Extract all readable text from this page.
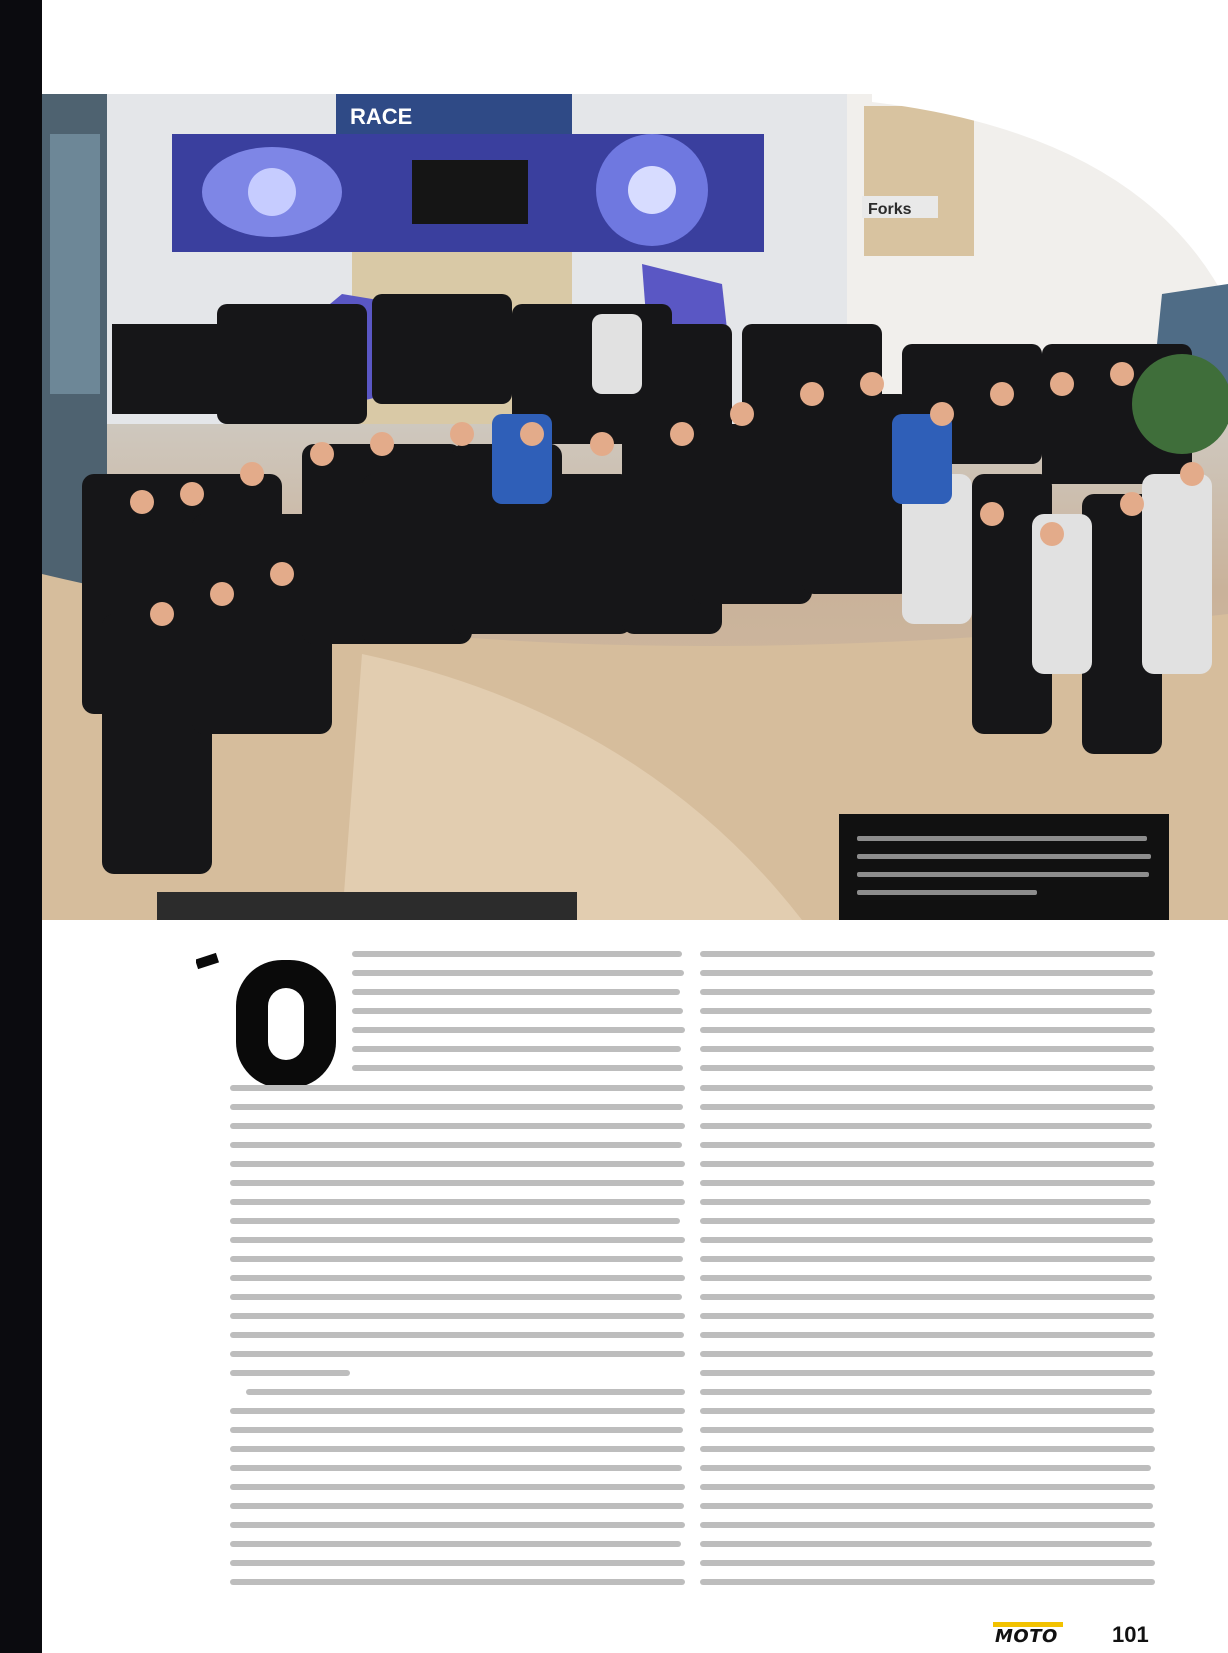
RACE
Forks
MOTO 101
